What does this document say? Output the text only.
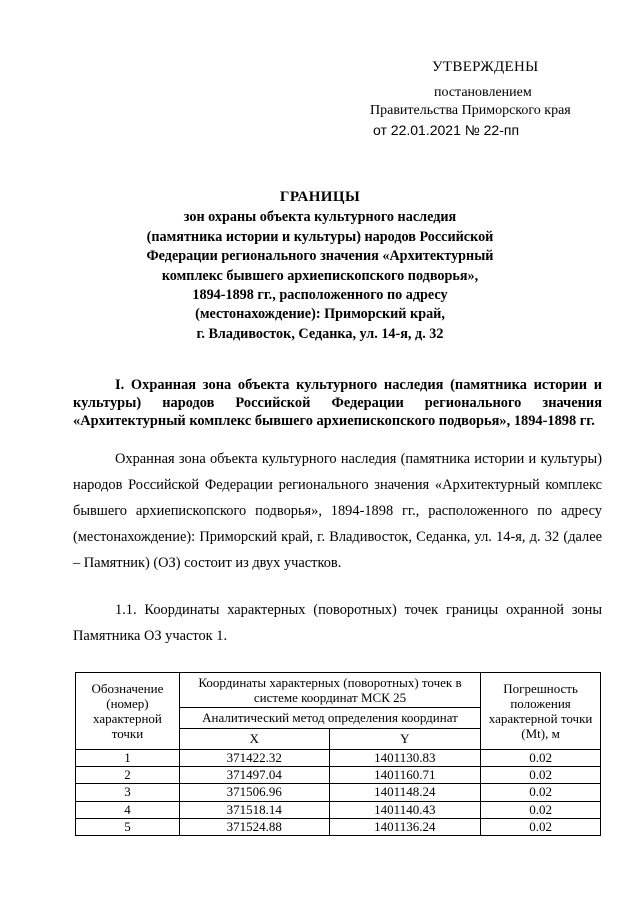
УТВЕРЖДЕНЫ
постановлением
Правительства Приморского края
от 22.01.2021 № 22-пп
ГРАНИЦЫ
зон охраны объекта культурного наследия
(памятника истории и культуры) народов Российской
Федерации регионального значения «Архитектурный
комплекс бывшего архиепископского подворья»,
1894-1898 гг., расположенного по адресу
(местонахождение): Приморский край,
г. Владивосток, Седанка, ул. 14-я, д. 32
I. Охранная зона объекта культурного наследия (памятника истории и культуры) народов Российской Федерации регионального значения «Архитектурный комплекс бывшего архиепископского подворья», 1894-1898 гг.
Охранная зона объекта культурного наследия (памятника истории и культуры) народов Российской Федерации регионального значения «Архитектурный комплекс бывшего архиепископского подворья», 1894-1898 гг., расположенного по адресу (местонахождение): Приморский край, г. Владивосток, Седанка, ул. 14-я, д. 32 (далее – Памятник) (ОЗ) состоит из двух участков.
1.1. Координаты характерных (поворотных) точек границы охранной зоны Памятника ОЗ участок 1.
Обозначение (номер) характерной точки	Координаты характерных (поворотных) точек в системе координат МСК 25		Погрешность положения характерной точки (Mt), м
	Аналитический метод определения координат		
	X	Y	
1	371422.32	1401130.83	0.02
2	371497.04	1401160.71	0.02
3	371506.96	1401148.24	0.02
4	371518.14	1401140.43	0.02
5	371524.88	1401136.24	0.02
